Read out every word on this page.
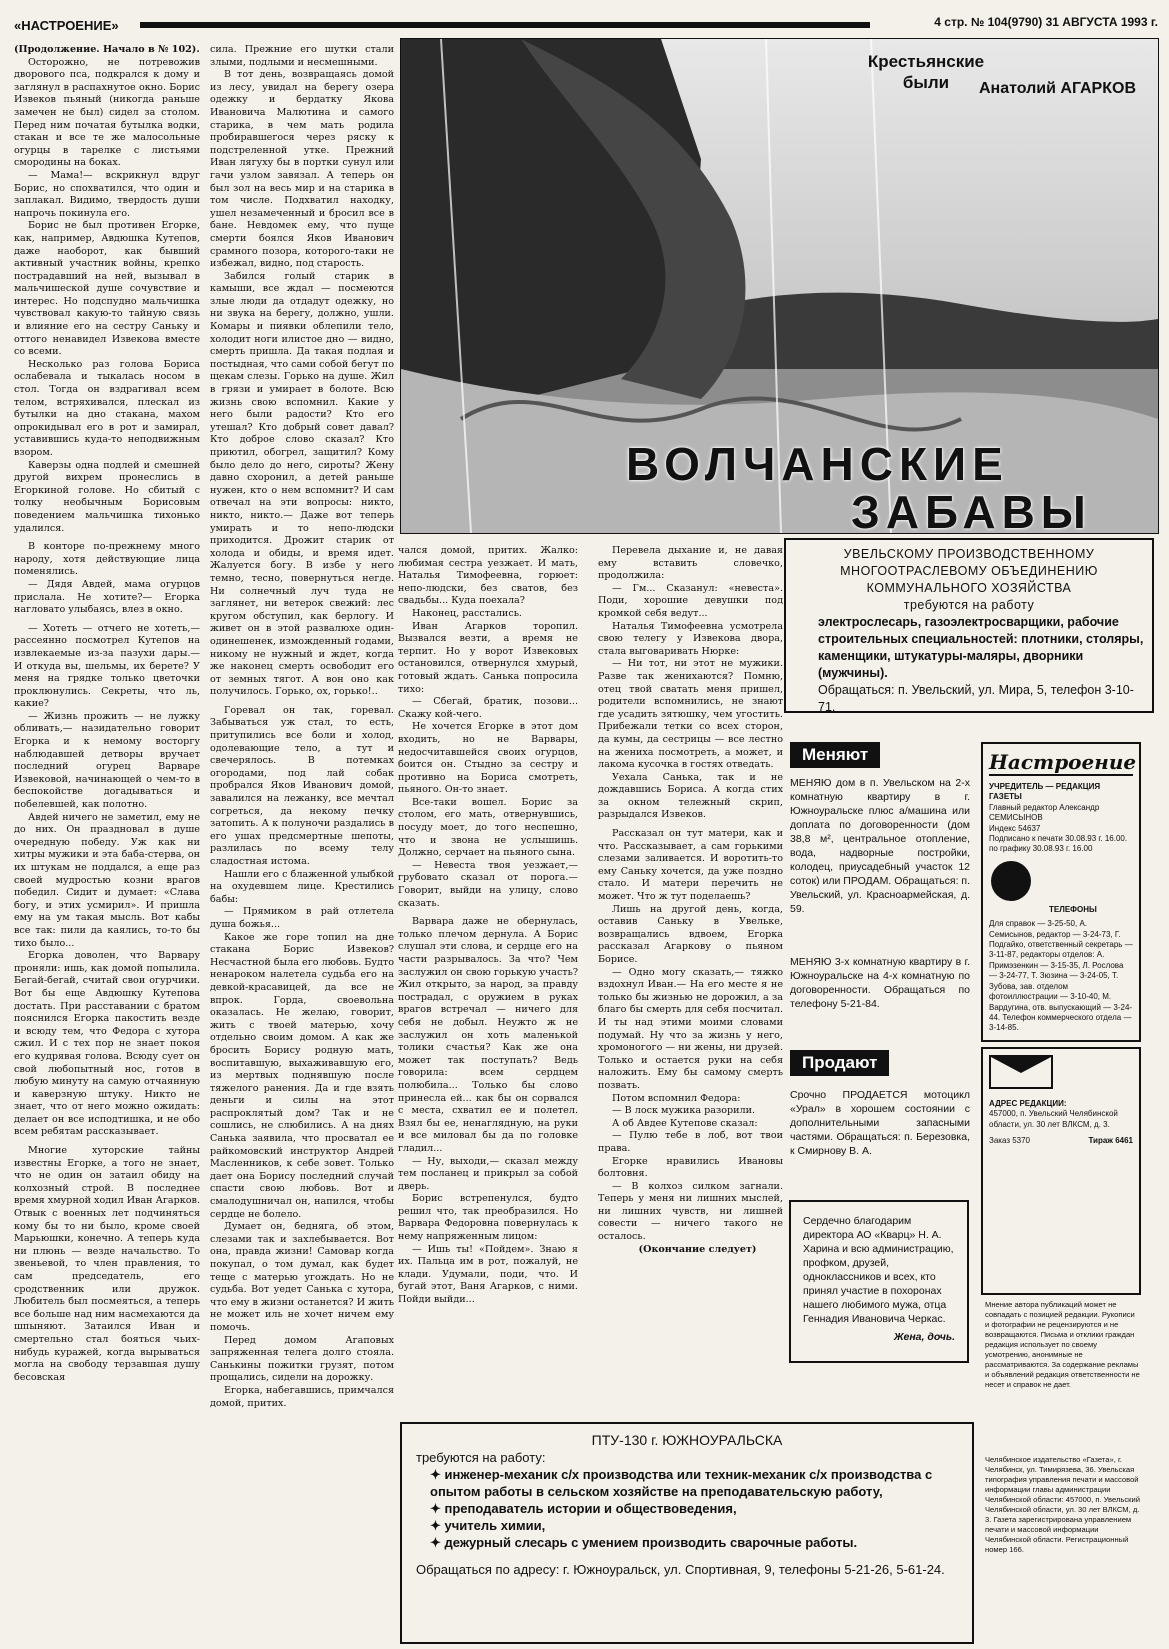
«НАСТРОЕНИЕ»	4 стр. № 104(9790) 31 АВГУСТА 1993 г.

(Продолжение. Начало в № 102).

Осторожно, не потревожив дворового пса, подкрался к дому и заглянул в распахнутое окно. Борис Извеков пьяный (никогда раньше замечен не был) сидел за столом. Перед ним початая бутылка водки, стакан и все те же малосольные огурцы в тарелке с листьями смородины на боках.

— Мама!— вскрикнул вдруг Борис, но спохватился, что один и заплакал. Видимо, твердость души напрочь покинула его.

Борис не был противен Егорке, как, например, Авдюшка Кутепов, даже наоборот, как бывший активный участник войны, крепко пострадавший на ней, вызывал в мальчишеской душе сочувствие и интерес. Но подспудно мальчишка чувствовал какую-то тайную связь и влияние его на сестру Саньку и оттого ненавидел Извекова вместе со всеми.

Несколько раз голова Бориса ослабевала и тыкалась носом в стол. Тогда он вздрагивал всем телом, встряхивался, плескал из бутылки на дно стакана, махом опрокидывал его в рот и замирал, уставившись куда-то неподвижным взором.

Каверзы одна подлей и смешней другой вихрем пронеслись в Егоркиной голове. Но сбитый с толку необычным Борисовым поведением мальчишка тихонько удалился.

В конторе по-прежнему много народу, хотя действующие лица поменялись.

— Дядя Авдей, мама огурцов прислала. Не хотите?— Егорка нагловато улыбаясь, влез в окно.

— Хотеть — отчего не хотеть,— рассеянно посмотрел Кутепов на извлекаемые из-за пазухи дары.— И откуда вы, шельмы, их берете? У меня на грядке только цветочки проклюнулись. Секреты, что ль, какие?

— Жизнь прожить — не лужку обливать,— назидательно говорит Егорка и к немому восторгу наблюдавшей детворы вручает последний огурец Варваре Извековой, начинающей о чем-то в беспокойстве догадываться и побелевшей, как полотно.

Авдей ничего не заметил, ему не до них. Он праздновал в душе очередную победу. Уж как ни хитры мужики и эта баба-стерва, он их штукам не поддался, а еще раз своей мудростью козни врагов победил. Сидит и думает: «Слава богу, и этих усмирил». И пришла ему на ум такая мысль. Вот кабы все так: пили да каялись, то-то бы тихо было...

Егорка доволен, что Варвару проняли: ишь, как домой попылила. Бегай-бегай, считай свои огурчики. Вот бы еще Авдюшку Кутепова достать. При расставании с братом пояснился Егорка пакостить везде и всюду тем, что Федора с хутора сжил. И с тех пор не знает покоя его кудрявая голова. Всюду сует он свой любопытный нос, готов в любую минуту на самую отчаянную и каверзную штуку. Никто не знает, что от него можно ожидать: делает он все исподтишка, и не обо всем ребятам рассказывает.

Многие хуторские тайны известны Егорке, а того не знает, что не один он затаил обиду на колхозный строй. В последнее время хмурной ходил Иван Агарков. Отвык с военных лет подчиняться кому бы то ни было, кроме своей Марьюшки, конечно. А теперь куда ни плюнь — везде начальство. То звеньевой, то член правления, то сам председатель, его сродственник или дружок. Любитель был посмеяться, а теперь все больше над ним насмехаются да шпыняют. Затаился Иван и смертельно стал бояться чьих-нибудь куражей, когда вырываться могла на свободу терзавшая душу бесовская

сила. Прежние его шутки стали злыми, подлыми и несмешными.

В тот день, возвращаясь домой из лесу, увидал на берегу озера одежку и бердатку Якова Ивановича Малютина и самого старика, в чем мать родила пробиравшегося через ряску к подстреленной утке. Прежний Иван лягуху бы в портки сунул или гачи узлом завязал. А теперь он был зол на весь мир и на старика в том числе. Подхватил находку, ушел незамеченный и бросил все в бане. Невдомек ему, что пуще смерти боялся Яков Иванович срамного позора, которого-таки не избежал, видно, под старость.

Забился голый старик в камыши, все ждал — посмеются злые люди да отдадут одежку, но ни звука на берегу, должно, ушли. Комары и пиявки облепили тело, холодит ноги илистое дно — видно, смерть пришла. Да такая подлая и постыдная, что сами собой бегут по щекам слезы. Горько на душе. Жил в грязи и умирает в болоте. Всю жизнь свою вспомнил. Какие у него были радости? Кто его утешал? Кто добрый совет давал? Кто доброе слово сказал? Кто приютил, обогрел, защитил? Кому было дело до него, сироты? Жену давно схоронил, а детей раньше нужен, кто о нем вспомнит? И сам отвечал на эти вопросы: никто, никто, никто.— Даже вот теперь умирать и то непо-людски приходится. Дрожит старик от холода и обиды, и время идет. Жалуется богу. В избе у него темно, тесно, повернуться негде. Ни солнечный луч туда не заглянет, ни ветерок свежий: лес кругом обступил, как берлогу. И живет он в этой развалюхе один-одинешенек, изможденный годами, никому не нужный и ждет, когда же наконец смерть освободит его от земных тягот. А вон оно как получилось. Горько, ох, горько!..

Горевал он так, горевал. Забываться уж стал, то есть, притупились все боли и холод, одолевающие тело, а тут и свечерялось. В потемках огородами, под лай собак пробрался Яков Иванович домой, завалился на лежанку, все мечтал согреться, да некому печку затопить. А к полуночи раздались в его ушах предсмертные шепоты, разлилась по всему телу сладостная истома.

Нашли его с блаженной улыбкой на охудевшем лице. Крестились бабы:

— Прямиком в рай отлетела душа божья...

Какое же горе топил на дне стакана Борис Извеков? Несчастной была его любовь. Будто ненароком налетела судьба его на девкой-красавицей, да все не впрок. Горда, своевольна оказалась. Не желаю, говорит, жить с твоей матерью, хочу отдельно своим домом. А как же бросить Борису родную мать, воспитавшую, выхаживавшую его, из мертвых поднявшую после тяжелого ранения. Да и где взять деньги и силы на этот распроклятый дом? Так и не сошлись, не слюбились. А на днях Санька заявила, что просватал ее райкомовский инструктор Андрей Масленников, к себе зовет. Только дает она Борису последний случай спасти свою любовь. Вот и смалодушничал он, напился, чтобы сердце не болело.

Думает он, бедняга, об этом, слезами так и захлебывается. Вот она, правда жизни! Самовар когда покупал, о том думал, как будет теще с матерью угождать. Но не судьба. Вот уедет Санька с хутора, что ему в жизни останется? И жить не может иль не хочет ничем ему помочь.

Перед домом Агаповых запряженная телега долго стояла. Санькины пожитки грузят, потом прощались, сидели на дорожку.

Егорка, набегавшись, примчался домой, притих.

чался домой, притих. Жалко: любимая сестра уезжает. И мать, Наталья Тимофеевна, горюет: непо-людски, без сватов, без свадьбы... Куда поехала?

Наконец, расстались.

Иван Агарков торопил. Вызвался везти, а время не терпит. Но у ворот Извековых остановился, отвернулся хмурый, готовый ждать. Санька попросила тихо:

— Сбегай, братик, позови... Скажу кой-чего.

Не хочется Егорке в этот дом входить, но не Варвары, недосчитавшейся своих огурцов, боится он. Стыдно за сестру и противно на Бориса смотреть, пьяного. Он-то знает.

Все-таки вошел. Борис за столом, его мать, отвернувшись, посуду моет, до того неспешно, что и звона не услышишь. Должно, серчает на пьяного сына.

— Невеста твоя уезжает,— грубовато сказал от порога.— Говорит, выйди на улицу, слово сказать.

Варвара даже не обернулась, только плечом дернула. А Борис слушал эти слова, и сердце его на части разрывалось. За что? Чем заслужил он свою горькую участь? Жил открыто, за народ, за правду пострадал, с оружием в руках врагов встречал — ничего для себя не добыл. Неужто ж не заслужил он хоть маленькой толики счастья? Как же она может так поступать? Ведь говорила: всем сердцем полюбила... Только бы слово принесла ей... как бы он сорвался с места, схватил ее и полетел. Взял бы ее, ненаглядную, на руки и все миловал бы да по головке гладил...

— Ну, выходи,— сказал между тем посланец и прикрыл за собой дверь.

Борис встрепенулся, будто решил что, так преобразился. Но Варвара Федоровна повернулась к нему напряженным лицом:

— Ишь ты! «Пойдем». Знаю я их. Пальца им в рот, пожалуй, не клади. Удумали, поди, что. И бугай этот, Ваня Агарков, с ними. Пойди выйди...

Перевела дыхание и, не давая ему вставить словечко, продолжила:

— Гм... Сказанул: «невеста». Поди, хорошие девушки под кромкой себя ведут...

Наталья Тимофеевна усмотрела свою телегу у Извекова двора, стала выговаривать Нюрке:

— Ни тот, ни этот не мужики. Разве так женихаются? Помню, отец твой сватать меня пришел, родители вспомнились, не знают где усадить зятюшку, чем угостить. Прибежали тетки со всех сторон, да кумы, да сестрицы — все лестно на жениха посмотреть, а может, и лакома кусочка в гостях отведать.

Уехала Санька, так и не дождавшись Бориса. А когда стих за окном тележный скрип, разрыдался Извеков.

Рассказал он тут матери, как и что. Рассказывает, а сам горькими слезами заливается. И воротить-то ему Саньку хочется, да уже поздно стало. И матери перечить не может. Что ж тут поделаешь?

Лишь на другой день, когда, оставив Саньку в Увельке, возвращались вдвоем, Егорка рассказал Агаркову о пьяном Борисе.

— Одно могу сказать,— тяжко вздохнул Иван.— На его месте я не только бы жизнью не дорожил, а за благо бы смерть для себя посчитал. И ты над этими моими словами подумай. Ну что за жизнь у него, хромоногого — ни жены, ни друзей. Только и остается руки на себя наложить. Ему бы самому смерть позвать.

Потом вспомнил Федора:

— В лоск мужика разорили.

А об Авдее Кутепове сказал:

— Пулю тебе в лоб, вот твои права.

Егорке нравились Ивановы болтовня.

— В колхоз силком загнали. Теперь у меня ни лишних мыслей, ни лишних чувств, ни лишней совести — ничего такого не осталось.

(Окончание следует)

Крестьянские были	Анатолий АГАРКОВ
ВОЛЧАНСКИЕ
ЗАБАВЫ
УВЕЛЬСКОМУ ПРОИЗВОДСТВЕННОМУ
МНОГООТРАСЛЕВОМУ ОБЪЕДИНЕНИЮ
КОММУНАЛЬНОГО ХОЗЯЙСТВА
требуются на работу
электрослесарь, газоэлектросварщики, рабочие строительных специальностей: плотники, столяры, каменщики, штукатуры-маляры, дворники (мужчины).
Обращаться: п. Увельский, ул. Мира, 5, телефон 3-10-71.
Меняют
МЕНЯЮ дом в п. Увельском на 2-х комнатную квартиру в г. Южноуральске плюс а/машина или доплата по договоренности (дом 38,8 м², центральное отопление, вода, надворные постройки, колодец, приусадебный участок 12 соток) или ПРОДАМ. Обращаться: п. Увельский, ул. Красноармейская, д. 59.
МЕНЯЮ 3-х комнатную квартиру в г. Южноуральске на 4-х комнатную по договоренности. Обращаться по телефону 5-21-84.
Продают
Срочно ПРОДАЕТСЯ мотоцикл «Урал» в хорошем состоянии с дополнительными запасными частями. Обращаться: п. Березовка, к Смирнову В. А.
Сердечно благодарим директора АО «Кварц» Н. А. Харина и всю администрацию, профком, друзей, одноклассников и всех, кто принял участие в похоронах нашего любимого мужа, отца Геннадия Ивановича Черкас.
Жена, дочь.
Настроение
УЧРЕДИТЕЛЬ — РЕДАКЦИЯ ГАЗЕТЫ
Главный редактор Александр СЕМИСЫНОВ
Индекс 54637
Подписано к печати 30.08.93 г. 16.00.
по графику 30.08.93 г. 16.00
ТЕЛЕФОНЫ
Для справок — 3-25-50, А. Семисынов, редактор — 3-24-73, Г. Подгайко, ответственный секретарь — 3-11-87, редакторы отделов: А. Примэзенкин — 3-15-35, Л. Рослова — 3-24-77, Т. Зюзина — 3-24-05, Т. Зубова, зав. отделом фотоиллюстрации — 3-10-40, М. Вардугина, отв. выпускающий — 3-24-44. Телефон коммерческого отдела — 3-14-85.
АДРЕС РЕДАКЦИИ:
457000, п. Увельский Челябинской области, ул. 30 лет ВЛКСМ, д. 3.
Заказ 5370	Тираж 6461
Мнение автора публикаций может не совпадать с позицией редакции. Рукописи и фотографии не рецензируются и не возвращаются. Письма и отклики граждан редакция использует по своему усмотрению, анонимные не рассматриваются. За содержание рекламы и объявлений редакция ответственности не несет и справок не дает.
Челябинское издательство «Газета», г. Челябинск, ул. Тимирязева, 36. Увельская типография управления печати и массовой информации главы администрации Челябинской области: 457000, п. Увельский Челябинской области, ул. 30 лет ВЛКСМ, д. 3. Газета зарегистрирована управлением печати и массовой информации Челябинской области. Регистрационный номер 166.
ПТУ-130 г. ЮЖНОУРАЛЬСКА
требуются на работу:
✦ инженер-механик с/х производства или техник-механик с/х производства с опытом работы в сельском хозяйстве на преподавательскую работу,
✦ преподаватель истории и обществоведения,
✦ учитель химии,
✦ дежурный слесарь с умением производить сварочные работы.
Обращаться по адресу: г. Южноуральск, ул. Спортивная, 9, телефоны 5-21-26, 5-61-24.
